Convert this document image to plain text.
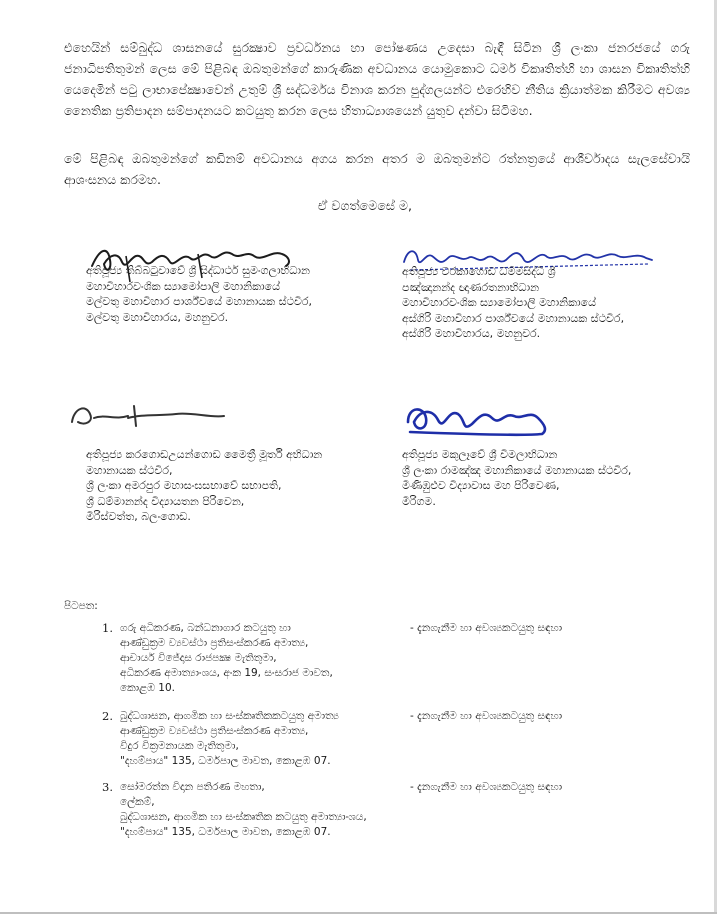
එහෙයින් සම්බුද්ධ ශාසනයේ සුරක්‍ෂාව ප්‍රවර්ධනය හා පෝෂණය උදෙසා බැඳී සිටින ශ්‍රී ලංකා ජනරජයේ ගරු ජනාධිපතිතුමන් ලෙස මේ පිළිබඳ ඔබතුමන්ගේ කාරුණික අවධානය යොමුකොට ධර්ම විකෘතිත්හි හා ශාසන විකෘතිත්හි යෙදෙමින් පටු ලාභාපේක්‍ෂාවෙන් උතුම් ශ්‍රී සද්ධර්මය විනාශ කරන පුද්ගලයන්ට එරෙහිව නීතිය ක්‍රියාත්මක කිරීමට අවශ්‍ය නෛතික ප්‍රතිපාදන සම්පාදනයට කටයුතු කරන ලෙස හිතාධ්‍යාශයෙන් යුතුව දන්වා සිටිමහ.

මේ පිළිබඳ ඔබතුමන්ගේ කඩිනම් අවධානය අගය කරන අතර ම ඔබතුමන්ට රත්නත්‍රයේ ආශීර්වාදය සැලසේවායි ආශංසනය කරමහ.

ඒ වගත්මෙසේ ම,
අතිපූජ්‍ය තිබ්බටුවාවේ ශ්‍රී සිද්ධාර්ථ සුමංගලාභිධාන
මහාවිහාරවංශික ස්‍යාමෝපාලි මහානිකායේ
මල්වතු මහාවිහාර පාර්ශ්වයේ මහානායක ස්ථවිර,
මල්වතු මහාවිහාරය, මහනුවර.
අතිපූජ්‍ය වරකාගොඩ ධම්මසිද්ධි ශ්‍රී
පඤ්ඤානන්ද ඥාණරතනාභිධාන
මහාවිහාරවංශික ස්‍යාමෝපාලි මහානිකායේ
අස්ගිරි මහාවිහාර පාර්ශ්වයේ මහානායක ස්ථවිර,
අස්ගිරි මහාවිහාරය, මහනුවර.
අතිපූජ්‍ය කරගොඩඋයන්ගොඩ මෛත්‍රී මූර්ති අභිධාන
මහානායක ස්ථවිර,
ශ්‍රී ලංකා අමරපුර මහාසංඝසභාවේ සභාපති,
ශ්‍රී ධම්මානන්ද විද්‍යායතන පිරිවෙන,
මිරිස්වත්ත, බලංගොඩ.
අතිපූජ්‍ය මකුලෑවේ ශ්‍රී විමලාභිධාන
ශ්‍රී ලංකා රාමඤ්ඤ මහානිකායේ මහානායක ස්ථවිර,
මීණිඹුළුව විද්‍යාවාස මහ පිරිවෙණ,
මීරිගම.
පිටපත:
1. ගරු අධිකරණ, බන්ධනාගාර කටයුතු හා
ආණ්ඩුක්‍රම ව්‍යවස්ථා ප්‍රතිසංස්කරණ අමාත්‍ය,
ආචාර්ය විජේදාස රාජපක්‍ෂ මැතිතුමා,
අධිකරණ අමාත්‍යාංශය, අංක 19, සංසරාජ මාවත,
කොළඹ 10.
- දැනගැනීම හා අවශ්‍යකටයුතු සඳහා
2. බුද්ධශාසන, ආගමික හා සංස්කෘතිකකටයුතු අමාත්‍ය
ආණ්ඩුක්‍රම ව්‍යවස්ථා ප්‍රතිසංස්කරණ අමාත්‍ය,
විදුර වික්‍රමනායක මැතිතුමා,
"දහම්පාය" 135, ධර්මපාල මාවත, කොළඹ 07.
- දැනගැනීම හා අවශ්‍යකටයුතු සඳහා
3. සෝමරත්න විදාන පතිරණ මහතා,
ලේකම්,
බුද්ධශාසන, ආගමික හා සංස්කෘතික කටයුතු අමාත්‍යාංශය,
"දහම්පාය" 135, ධර්මපාල මාවත, කොළඹ 07.
- දැනගැනීම හා අවශ්‍යකටයුතු සඳහා
